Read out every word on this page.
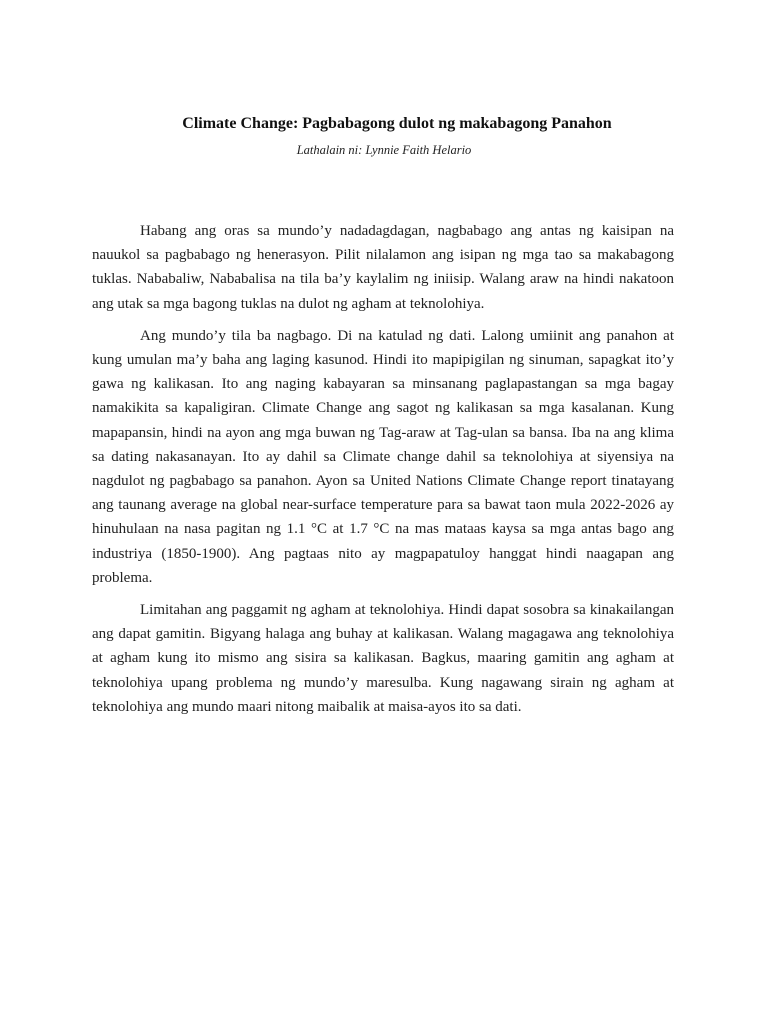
Climate Change: Pagbabagong dulot ng makabagong Panahon
Lathalain ni: Lynnie Faith Helario

Habang ang oras sa mundo’y nadadagdagan, nagbabago ang antas ng kaisipan na nauukol sa pagbabago ng henerasyon. Pilit nilalamon ang isipan ng mga tao sa makabagong tuklas. Nababaliw, Nababalisa na tila ba’y kaylalim ng iniisip. Walang araw na hindi nakatoon ang utak sa mga bagong tuklas na dulot ng agham at teknolohiya.

Ang mundo’y tila ba nagbago. Di na katulad ng dati. Lalong umiinit ang panahon at kung umulan ma’y baha ang laging kasunod. Hindi ito mapipigilan ng sinuman, sapagkat ito’y gawa ng kalikasan. Ito ang naging kabayaran sa minsanang paglapastangan sa mga bagay namakikita sa kapaligiran. Climate Change ang sagot ng kalikasan sa mga kasalanan. Kung mapapansin, hindi na ayon ang mga buwan ng Tag-araw at Tag-ulan sa bansa. Iba na ang klima sa dating nakasanayan. Ito ay dahil sa Climate change dahil sa teknolohiya at siyensiya na nagdulot ng pagbabago sa panahon. Ayon sa United Nations Climate Change report tinatayang ang taunang average na global near-surface temperature para sa bawat taon mula 2022-2026 ay hinuhulaan na nasa pagitan ng 1.1 °C at 1.7 °C na mas mataas kaysa sa mga antas bago ang industriya (1850-1900). Ang pagtaas nito ay magpapatuloy hanggat hindi naagapan ang problema.

Limitahan ang paggamit ng agham at teknolohiya. Hindi dapat sosobra sa kinakailangan ang dapat gamitin. Bigyang halaga ang buhay at kalikasan. Walang magagawa ang teknolohiya at agham kung ito mismo ang sisira sa kalikasan. Bagkus, maaring gamitin ang agham at teknolohiya upang problema ng mundo’y maresulba. Kung nagawang sirain ng agham at teknolohiya ang mundo maari nitong maibalik at maisa-ayos ito sa dati.
